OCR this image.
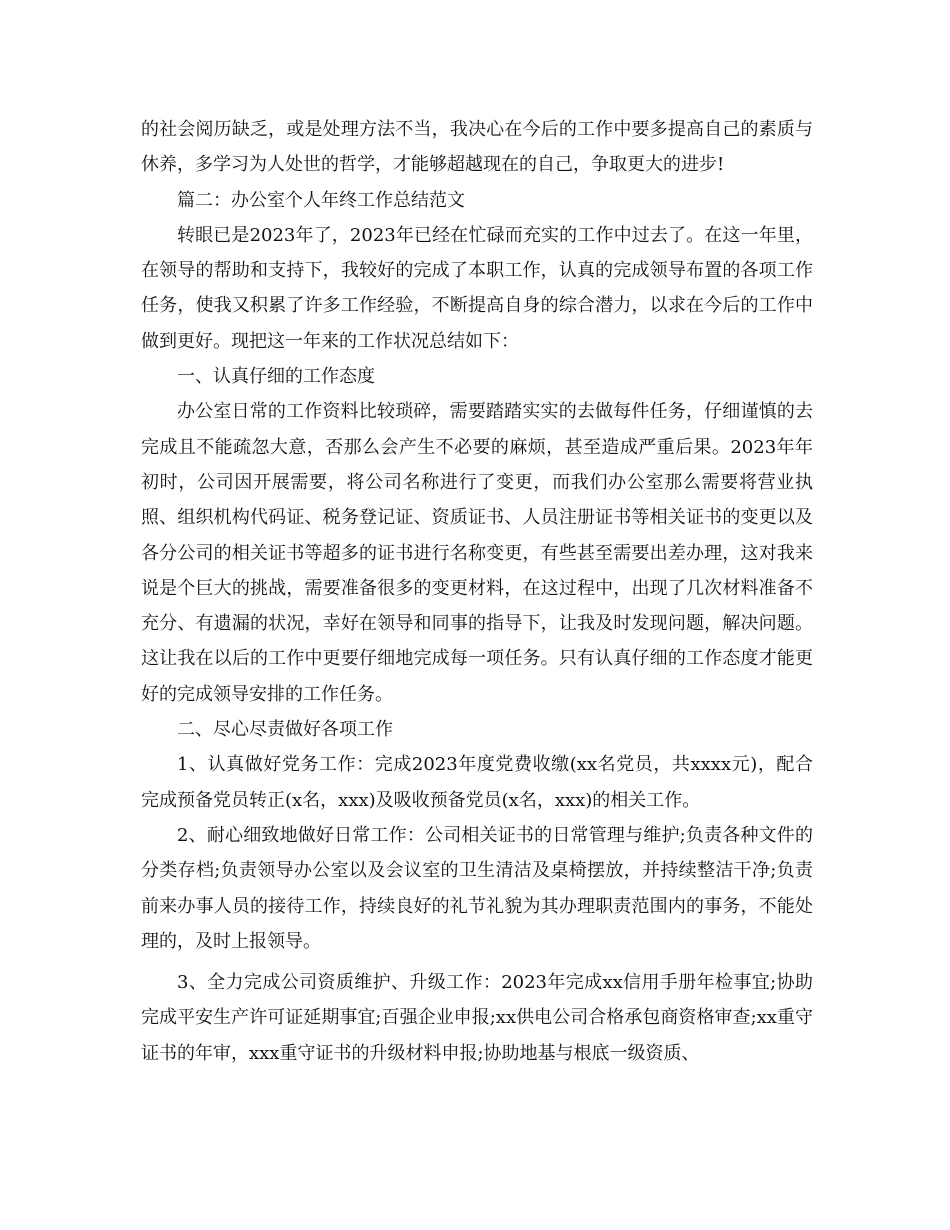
的社会阅历缺乏，或是处理方法不当，我决心在今后的工作中要多提高自己的素质与休养，多学习为人处世的哲学，才能够超越现在的自己，争取更大的进步!

篇二：办公室个人年终工作总结范文

转眼已是2023年了，2023年已经在忙碌而充实的工作中过去了。在这一年里，在领导的帮助和支持下，我较好的完成了本职工作，认真的完成领导布置的各项工作任务，使我又积累了许多工作经验，不断提高自身的综合潜力，以求在今后的工作中做到更好。现把这一年来的工作状况总结如下：

一、认真仔细的工作态度

办公室日常的工作资料比较琐碎，需要踏踏实实的去做每件任务，仔细谨慎的去完成且不能疏忽大意，否那么会产生不必要的麻烦，甚至造成严重后果。2023年年初时，公司因开展需要，将公司名称进行了变更，而我们办公室那么需要将营业执照、组织机构代码证、税务登记证、资质证书、人员注册证书等相关证书的变更以及各分公司的相关证书等超多的证书进行名称变更，有些甚至需要出差办理，这对我来说是个巨大的挑战，需要准备很多的变更材料，在这过程中，出现了几次材料准备不充分、有遗漏的状况，幸好在领导和同事的指导下，让我及时发现问题，解决问题。这让我在以后的工作中更要仔细地完成每一项任务。只有认真仔细的工作态度才能更好的完成领导安排的工作任务。

二、尽心尽责做好各项工作

1、认真做好党务工作：完成2023年度党费收缴(xx名党员，共xxxx元)，配合完成预备党员转正(x名，xxx)及吸收预备党员(x名，xxx)的相关工作。

2、耐心细致地做好日常工作：公司相关证书的日常管理与维护;负责各种文件的分类存档;负责领导办公室以及会议室的卫生清洁及桌椅摆放，并持续整洁干净;负责前来办事人员的接待工作，持续良好的礼节礼貌为其办理职责范围内的事务，不能处理的，及时上报领导。

3、全力完成公司资质维护、升级工作：2023年完成xx信用手册年检事宜;协助完成平安生产许可证延期事宜;百强企业申报;xx供电公司合格承包商资格审查;xx重守证书的年审，xxx重守证书的升级材料申报;协助地基与根底一级资质、
